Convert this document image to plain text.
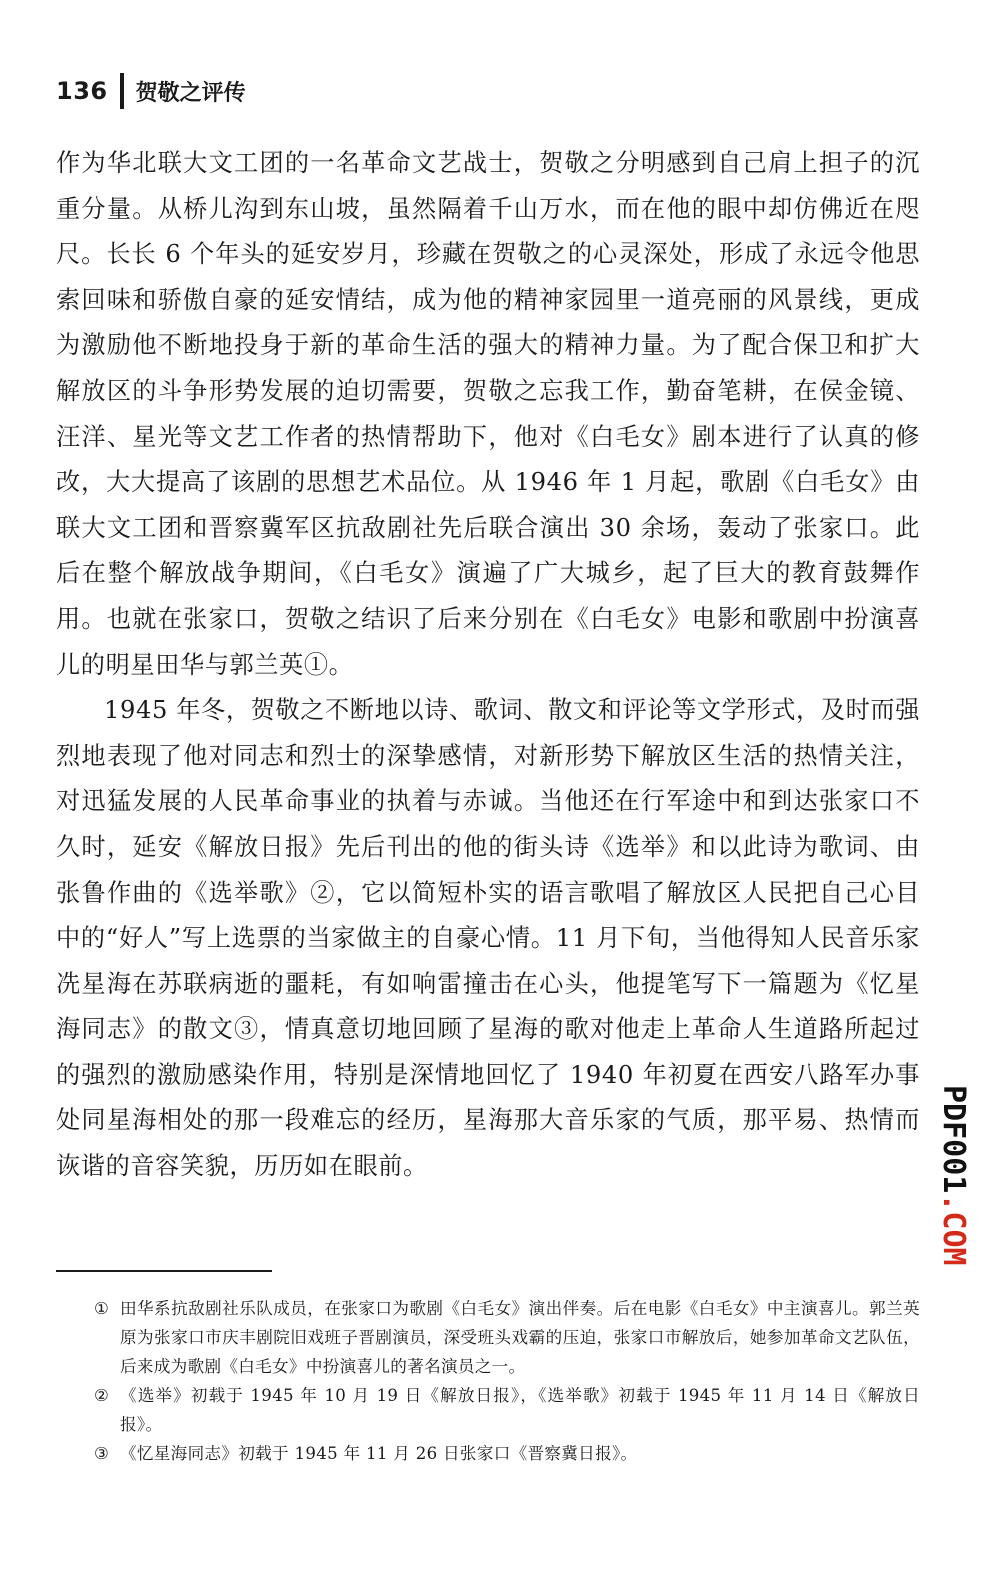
136 贺敬之评传

作为华北联大文工团的一名革命文艺战士，贺敬之分明感到自己肩上担子的沉重分量。从桥儿沟到东山坡，虽然隔着千山万水，而在他的眼中却仿佛近在咫尺。长长 6 个年头的延安岁月，珍藏在贺敬之的心灵深处，形成了永远令他思索回味和骄傲自豪的延安情结，成为他的精神家园里一道亮丽的风景线，更成为激励他不断地投身于新的革命生活的强大的精神力量。为了配合保卫和扩大解放区的斗争形势发展的迫切需要，贺敬之忘我工作，勤奋笔耕，在侯金镜、汪洋、星光等文艺工作者的热情帮助下，他对《白毛女》剧本进行了认真的修改，大大提高了该剧的思想艺术品位。从 1946 年 1 月起，歌剧《白毛女》由联大文工团和晋察冀军区抗敌剧社先后联合演出 30 余场，轰动了张家口。此后在整个解放战争期间，《白毛女》演遍了广大城乡，起了巨大的教育鼓舞作用。也就在张家口，贺敬之结识了后来分别在《白毛女》电影和歌剧中扮演喜儿的明星田华与郭兰英①。

1945 年冬，贺敬之不断地以诗、歌词、散文和评论等文学形式，及时而强烈地表现了他对同志和烈士的深挚感情，对新形势下解放区生活的热情关注，对迅猛发展的人民革命事业的执着与赤诚。当他还在行军途中和到达张家口不久时，延安《解放日报》先后刊出的他的街头诗《选举》和以此诗为歌词、由张鲁作曲的《选举歌》②，它以简短朴实的语言歌唱了解放区人民把自己心目中的“好人”写上选票的当家做主的自豪心情。11 月下旬，当他得知人民音乐家冼星海在苏联病逝的噩耗，有如响雷撞击在心头，他提笔写下一篇题为《忆星海同志》的散文③，情真意切地回顾了星海的歌对他走上革命人生道路所起过的强烈的激励感染作用，特别是深情地回忆了 1940 年初夏在西安八路军办事处同星海相处的那一段难忘的经历，星海那大音乐家的气质，那平易、热情而诙谐的音容笑貌，历历如在眼前。

① 田华系抗敌剧社乐队成员，在张家口为歌剧《白毛女》演出伴奏。后在电影《白毛女》中主演喜儿。郭兰英原为张家口市庆丰剧院旧戏班子晋剧演员，深受班头戏霸的压迫，张家口市解放后，她参加革命文艺队伍，后来成为歌剧《白毛女》中扮演喜儿的著名演员之一。
② 《选举》初载于 1945 年 10 月 19 日《解放日报》，《选举歌》初载于 1945 年 11 月 14 日《解放日报》。
③ 《忆星海同志》初载于 1945 年 11 月 26 日张家口《晋察冀日报》。
PDF001.COM
